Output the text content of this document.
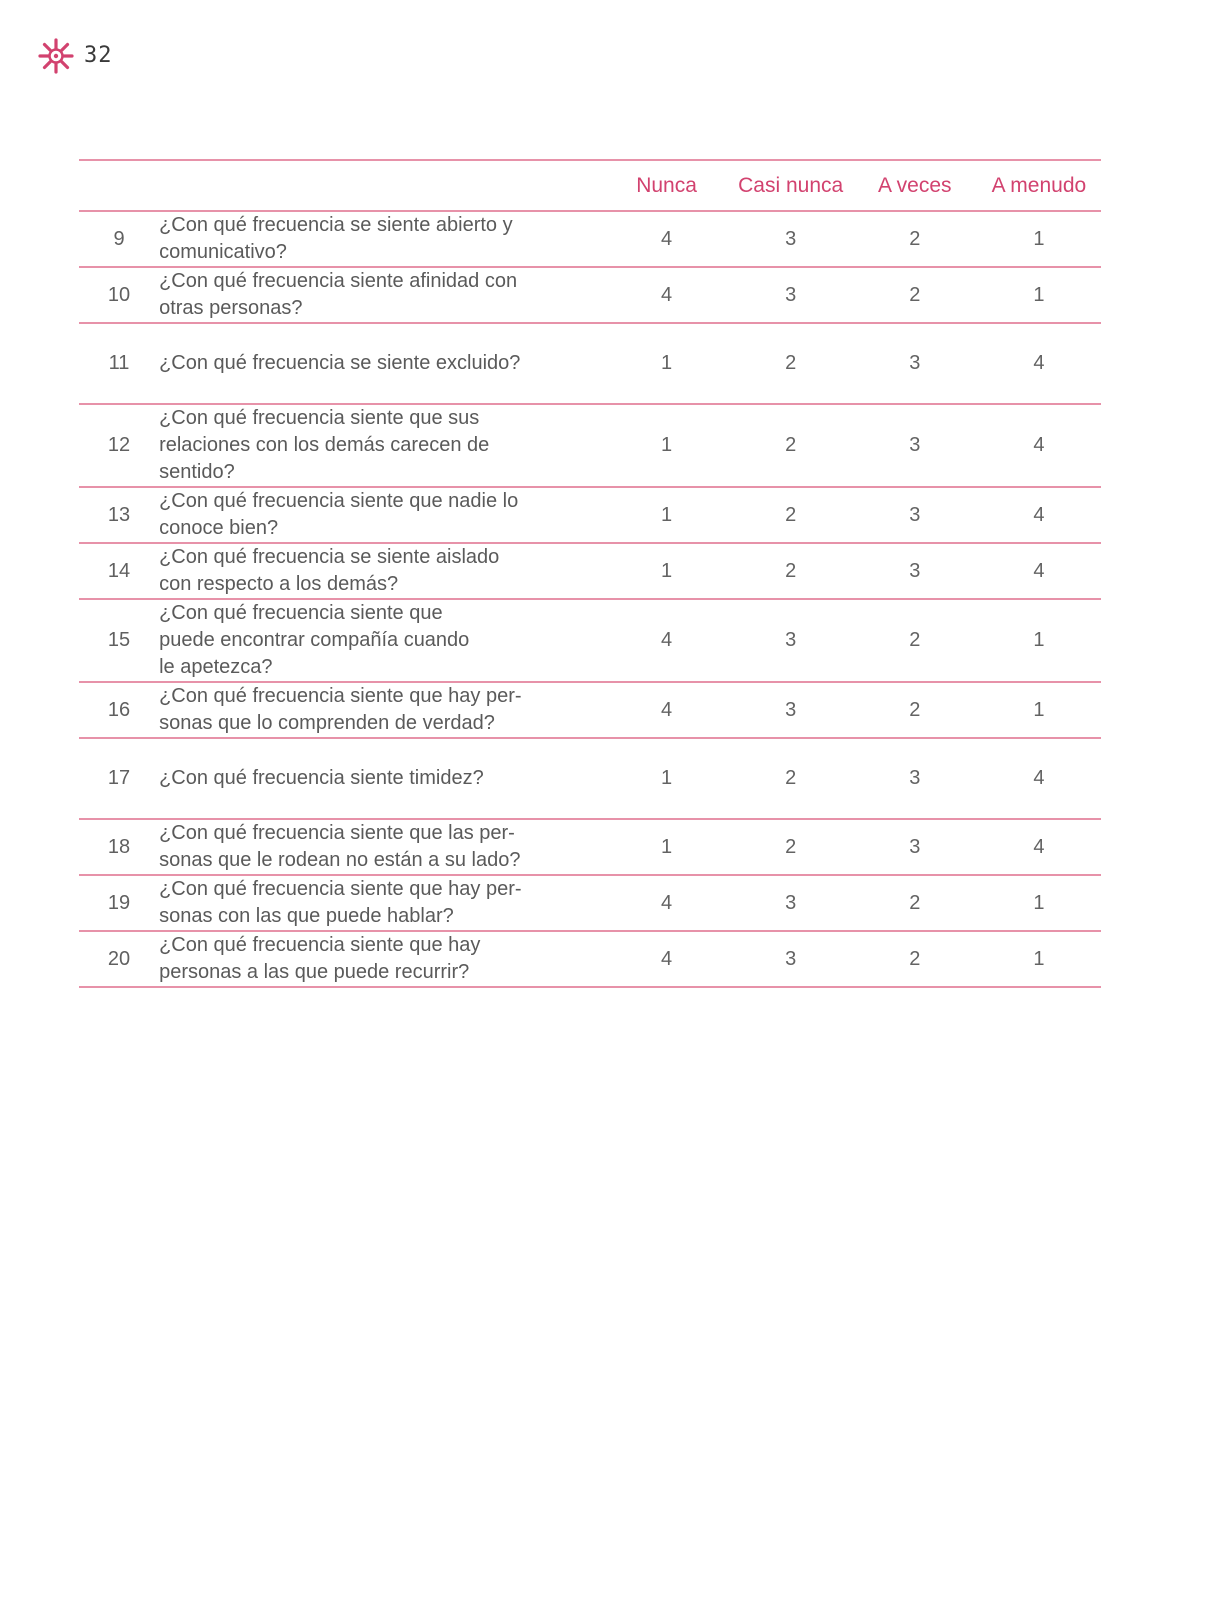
32
		Nunca	Casi nunca	A veces	A menudo
9	¿Con qué frecuencia se siente abierto y
comunicativo?	4	3	2	1
10	¿Con qué frecuencia siente afinidad con
otras personas?	4	3	2	1
11	¿Con qué frecuencia se siente excluido?	1	2	3	4
12	¿Con qué frecuencia siente que sus
relaciones con los demás carecen de
sentido?	1	2	3	4
13	¿Con qué frecuencia siente que nadie lo
conoce bien?	1	2	3	4
14	¿Con qué frecuencia se siente aislado
con respecto a los demás?	1	2	3	4
15	¿Con qué frecuencia siente que
puede encontrar compañía cuando
le apetezca?	4	3	2	1
16	¿Con qué frecuencia siente que hay per-
sonas que lo comprenden de verdad?	4	3	2	1
17	¿Con qué frecuencia siente timidez?	1	2	3	4
18	¿Con qué frecuencia siente que las per-
sonas que le rodean no están a su lado?	1	2	3	4
19	¿Con qué frecuencia siente que hay per-
sonas con las que puede hablar?	4	3	2	1
20	¿Con qué frecuencia siente que hay
personas a las que puede recurrir?	4	3	2	1
